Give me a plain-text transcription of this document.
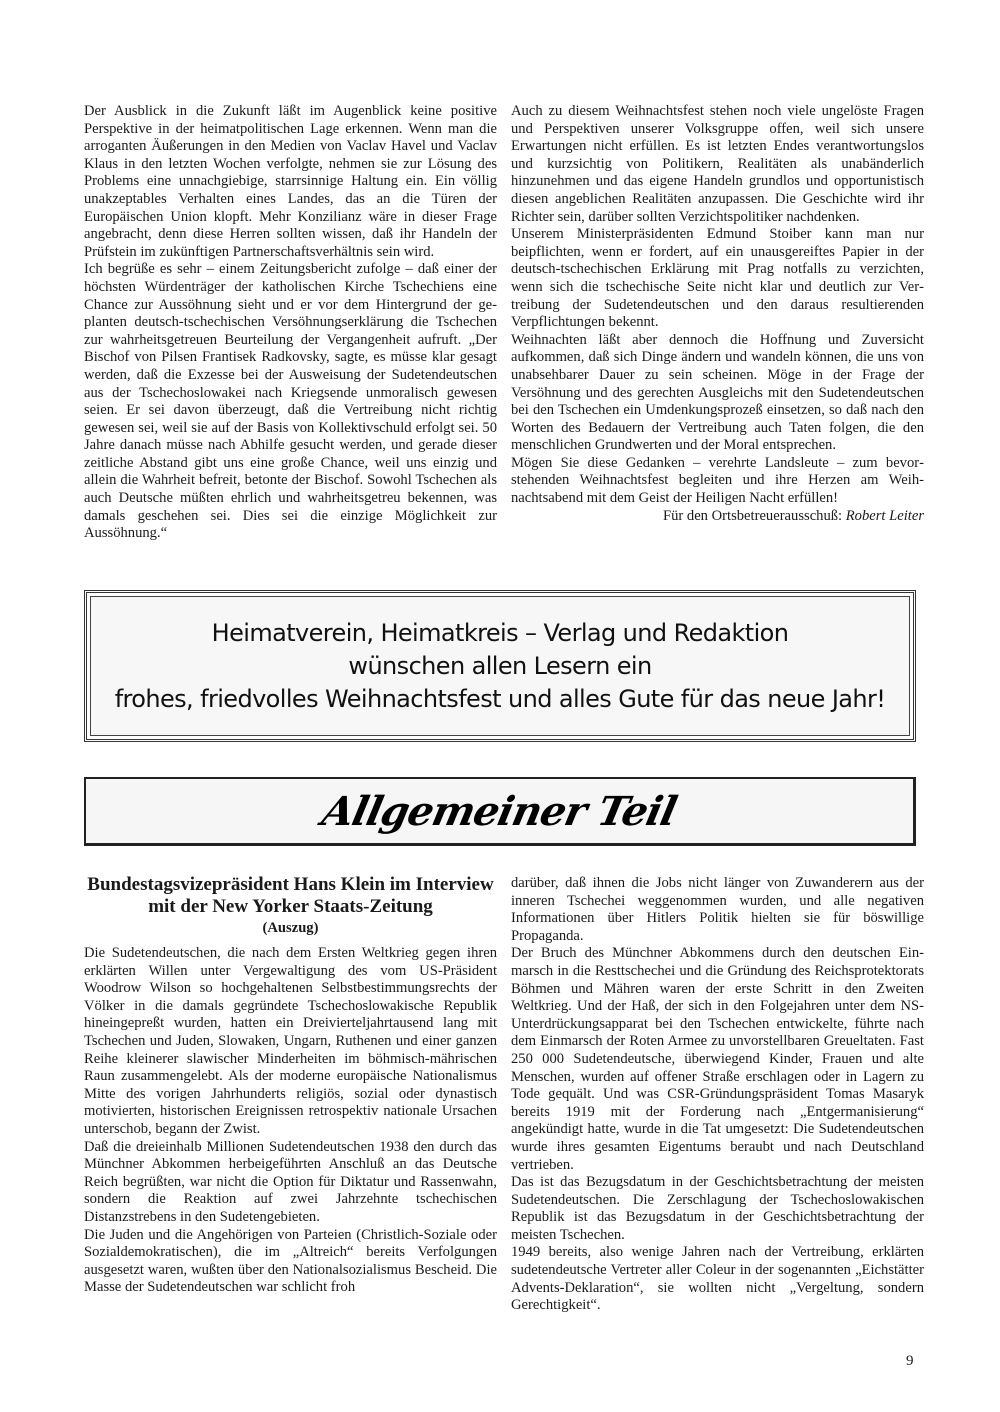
Der Ausblick in die Zukunft läßt im Augenblick keine positive Perspektive in der heimatpolitischen Lage erkennen. Wenn man die arroganten Äußerungen in den Medien von Vaclav Havel und Vaclav Klaus in den letzten Wochen verfolgte, nehmen sie zur Lösung des Problems eine unnachgiebige, starrsinnige Haltung ein. Ein völlig unakzeptables Verhalten eines Landes, das an die Türen der Europäischen Union klopft. Mehr Konzilianz wäre in dieser Frage angebracht, denn diese Herren sollten wissen, daß ihr Handeln der Prüfstein im zukünftigen Partnerschaftsverhältnis sein wird.

Ich begrüße es sehr – einem Zeitungsbericht zufolge – daß einer der höchsten Würdenträger der katholischen Kirche Tschechiens eine Chance zur Aussöhnung sieht und er vor dem Hintergrund der geplanten deutsch-tschechischen Versöhnungserklärung die Tschechen zur wahrheitsgetreuen Beurteilung der Vergangenheit aufruft. „Der Bischof von Pilsen Frantisek Radkovsky, sagte, es müsse klar gesagt werden, daß die Exzesse bei der Ausweisung der Sudetendeutschen aus der Tschechoslowakei nach Kriegsende unmoralisch gewesen seien. Er sei davon überzeugt, daß die Vertreibung nicht richtig gewesen sei, weil sie auf der Basis von Kollektivschuld erfolgt sei. 50 Jahre danach müsse nach Abhilfe gesucht werden, und gerade dieser zeitliche Abstand gibt uns eine große Chance, weil uns einzig und allein die Wahrheit befreit, betonte der Bischof. Sowohl Tschechen als auch Deutsche müßten ehrlich und wahrheitsgetreu bekennen, was damals geschehen sei. Dies sei die einzige Möglichkeit zur Aussöhnung.“

Auch zu diesem Weihnachtsfest stehen noch viele ungelöste Fragen und Perspektiven unserer Volksgruppe offen, weil sich unsere Erwartungen nicht erfüllen. Es ist letzten Endes verantwortungslos und kurzsichtig von Politikern, Realitäten als unabänderlich hinzunehmen und das eigene Handeln grundlos und opportunistisch diesen angeblichen Realitäten anzupassen. Die Geschichte wird ihr Richter sein, darüber sollten Verzichtspolitiker nachdenken.

Unserem Ministerpräsidenten Edmund Stoiber kann man nur beipflichten, wenn er fordert, auf ein unausgereiftes Papier in der deutsch-tschechischen Erklärung mit Prag notfalls zu verzichten, wenn sich die tschechische Seite nicht klar und deutlich zur Vertreibung der Sudetendeutschen und den daraus resultierenden Verpflichtungen bekennt.

Weihnachten läßt aber dennoch die Hoffnung und Zuversicht aufkommen, daß sich Dinge ändern und wandeln können, die uns von unabsehbarer Dauer zu sein scheinen. Möge in der Frage der Versöhnung und des gerechten Ausgleichs mit den Sudetendeutschen bei den Tschechen ein Umdenkungsprozeß einsetzen, so daß nach den Worten des Bedauern der Vertreibung auch Taten folgen, die den menschlichen Grundwerten und der Moral entsprechen.

Mögen Sie diese Gedanken – verehrte Landsleute – zum bevorstehenden Weihnachtsfest begleiten und ihre Herzen am Weihnachtsabend mit dem Geist der Heiligen Nacht erfüllen!

Für den Ortsbetreuerausschuß: Robert Leiter

Heimatverein, Heimatkreis – Verlag und Redaktion
wünschen allen Lesern ein
frohes, friedvolles Weihnachtsfest und alles Gute für das neue Jahr!
Allgemeiner Teil
Bundestagsvizepräsident Hans Klein im Interview mit der New Yorker Staats-Zeitung
(Auszug)

Die Sudetendeutschen, die nach dem Ersten Weltkrieg gegen ihren erklärten Willen unter Vergewaltigung des vom US-Präsident Woodrow Wilson so hochgehaltenen Selbstbestimmungsrechts der Völker in die damals gegründete Tschechoslowakische Republik hineingepreßt wurden, hatten ein Dreivierteljahrtausend lang mit Tschechen und Juden, Slowaken, Ungarn, Ruthenen und einer ganzen Reihe kleinerer slawischer Minderheiten im böhmisch-mährischen Raun zusammengelebt. Als der moderne europäische Nationalismus Mitte des vorigen Jahrhunderts religiös, sozial oder dynastisch motivierten, historischen Ereignissen retrospektiv nationale Ursachen unterschob, begann der Zwist.

Daß die dreieinhalb Millionen Sudetendeutschen 1938 den durch das Münchner Abkommen herbeigeführten Anschluß an das Deutsche Reich begrüßten, war nicht die Option für Diktatur und Rassenwahn, sondern die Reaktion auf zwei Jahrzehnte tschechischen Distanzstrebens in den Sudetengebieten.

Die Juden und die Angehörigen von Parteien (Christlich-Soziale oder Sozialdemokratischen), die im „Altreich“ bereits Verfolgungen ausgesetzt waren, wußten über den Nationalsozialismus Bescheid. Die Masse der Sudetendeutschen war schlicht froh

darüber, daß ihnen die Jobs nicht länger von Zuwanderern aus der inneren Tschechei weggenommen wurden, und alle negativen Informationen über Hitlers Politik hielten sie für böswillige Propaganda.

Der Bruch des Münchner Abkommens durch den deutschen Einmarsch in die Resttschechei und die Gründung des Reichsprotektorats Böhmen und Mähren waren der erste Schritt in den Zweiten Weltkrieg. Und der Haß, der sich in den Folgejahren unter dem NS-Unterdrückungsapparat bei den Tschechen entwickelte, führte nach dem Einmarsch der Roten Armee zu unvorstellbaren Greueltaten. Fast 250 000 Sudetendeutsche, überwiegend Kinder, Frauen und alte Menschen, wurden auf offener Straße erschlagen oder in Lagern zu Tode gequält. Und was CSR-Gründungspräsident Tomas Masaryk bereits 1919 mit der Forderung nach „Entgermanisierung“ angekündigt hatte, wurde in die Tat umgesetzt: Die Sudetendeutschen wurde ihres gesamten Eigentums beraubt und nach Deutschland vertrieben.

Das ist das Bezugsdatum in der Geschichtsbetrachtung der meisten Sudetendeutschen. Die Zerschlagung der Tschechoslowakischen Republik ist das Bezugsdatum in der Geschichtsbetrachtung der meisten Tschechen.

1949 bereits, also wenige Jahren nach der Vertreibung, erklärten sudetendeutsche Vertreter aller Coleur in der sogenannten „Eichstätter Advents-Deklaration“, sie wollten nicht „Vergeltung, sondern Gerechtigkeit“.

9
